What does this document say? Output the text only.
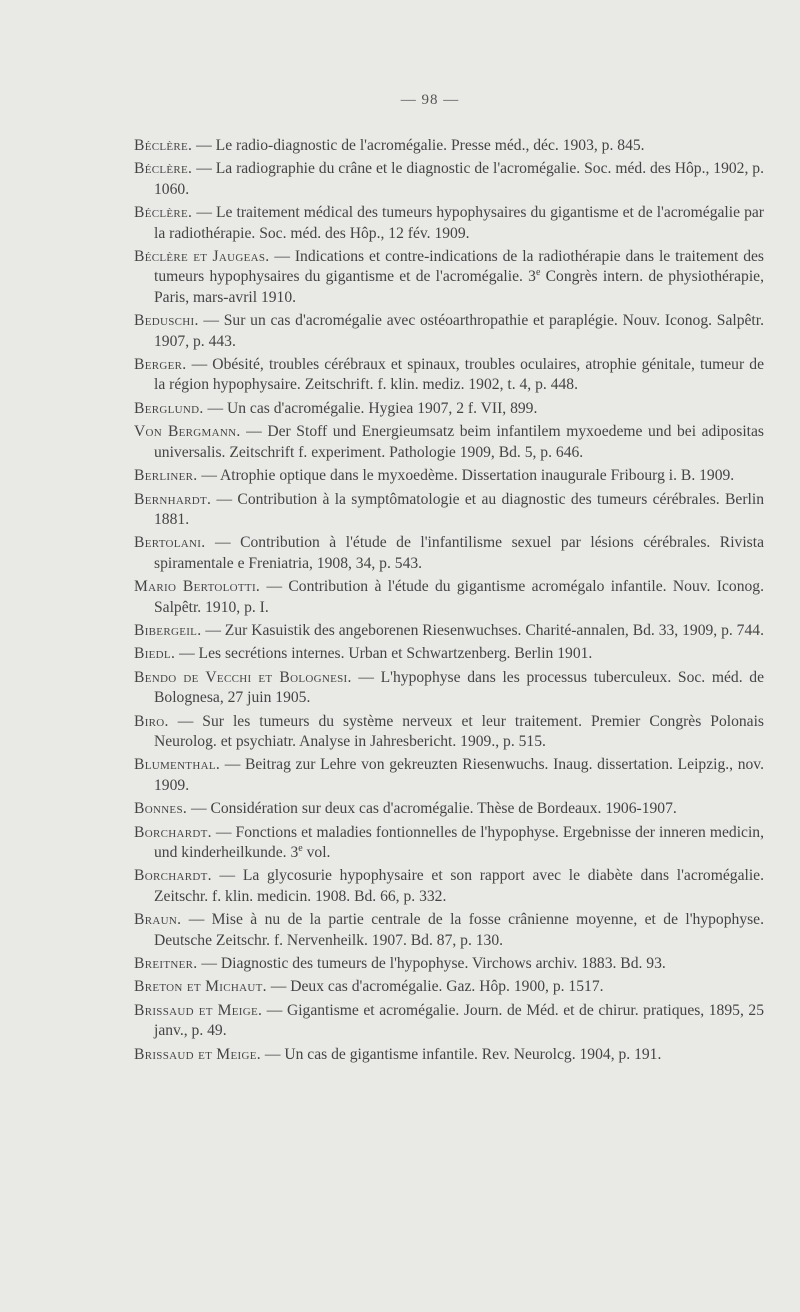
— 98 —

Béclère. — Le radio-diagnostic de l'acromégalie. Presse méd., déc. 1903, p. 845.

Béclère. — La radiographie du crâne et le diagnostic de l'acromégalie. Soc. méd. des Hôp., 1902, p. 1060.

Béclère. — Le traitement médical des tumeurs hypophysaires du gigantisme et de l'acromégalie par la radiothérapie. Soc. méd. des Hôp., 12 fév. 1909.

Béclère et Jaugeas. — Indications et contre-indications de la radiothérapie dans le traitement des tumeurs hypophysaires du gigantisme et de l'acromégalie. 3e Congrès intern. de physiothérapie, Paris, mars-avril 1910.

Beduschi. — Sur un cas d'acromégalie avec ostéoarthropathie et paraplégie. Nouv. Iconog. Salpêtr. 1907, p. 443.

Berger. — Obésité, troubles cérébraux et spinaux, troubles oculaires, atrophie génitale, tumeur de la région hypophysaire. Zeitschrift. f. klin. mediz. 1902, t. 4, p. 448.

Berglund. — Un cas d'acromégalie. Hygiea 1907, 2 f. VII, 899.

Von Bergmann. — Der Stoff und Energieumsatz beim infantilem myxoedeme und bei adipositas universalis. Zeitschrift f. experiment. Pathologie 1909, Bd. 5, p. 646.

Berliner. — Atrophie optique dans le myxoedème. Dissertation inaugurale Fribourg i. B. 1909.

Bernhardt. — Contribution à la symptômatologie et au diagnostic des tumeurs cérébrales. Berlin 1881.

Bertolani. — Contribution à l'étude de l'infantilisme sexuel par lésions cérébrales. Rivista spiramentale e Freniatria, 1908, 34, p. 543.

Mario Bertolotti. — Contribution à l'étude du gigantisme acromégalo infantile. Nouv. Iconog. Salpêtr. 1910, p. I.

Bibergeil. — Zur Kasuistik des angeborenen Riesenwuchses. Charité-annalen, Bd. 33, 1909, p. 744.

Biedl. — Les secrétions internes. Urban et Schwartzenberg. Berlin 1901.

Bendo de Vecchi et Bolognesi. — L'hypophyse dans les processus tuberculeux. Soc. méd. de Bolognesa, 27 juin 1905.

Biro. — Sur les tumeurs du système nerveux et leur traitement. Premier Congrès Polonais Neurolog. et psychiatr. Analyse in Jahresbericht. 1909., p. 515.

Blumenthal. — Beitrag zur Lehre von gekreuzten Riesenwuchs. Inaug. dissertation. Leipzig., nov. 1909.

Bonnes. — Considération sur deux cas d'acromégalie. Thèse de Bordeaux. 1906-1907.

Borchardt. — Fonctions et maladies fontionnelles de l'hypophyse. Ergebnisse der inneren medicin, und kinderheilkunde. 3e vol.

Borchardt. — La glycosurie hypophysaire et son rapport avec le diabète dans l'acromégalie. Zeitschr. f. klin. medicin. 1908. Bd. 66, p. 332.

Braun. — Mise à nu de la partie centrale de la fosse crânienne moyenne, et de l'hypophyse. Deutsche Zeitschr. f. Nervenheilk. 1907. Bd. 87, p. 130.

Breitner. — Diagnostic des tumeurs de l'hypophyse. Virchows archiv. 1883. Bd. 93.

Breton et Michaut. — Deux cas d'acromégalie. Gaz. Hôp. 1900, p. 1517.

Brissaud et Meige. — Gigantisme et acromégalie. Journ. de Méd. et de chirur. pratiques, 1895, 25 janv., p. 49.

Brissaud et Meige. — Un cas de gigantisme infantile. Rev. Neurolcg. 1904, p. 191.
